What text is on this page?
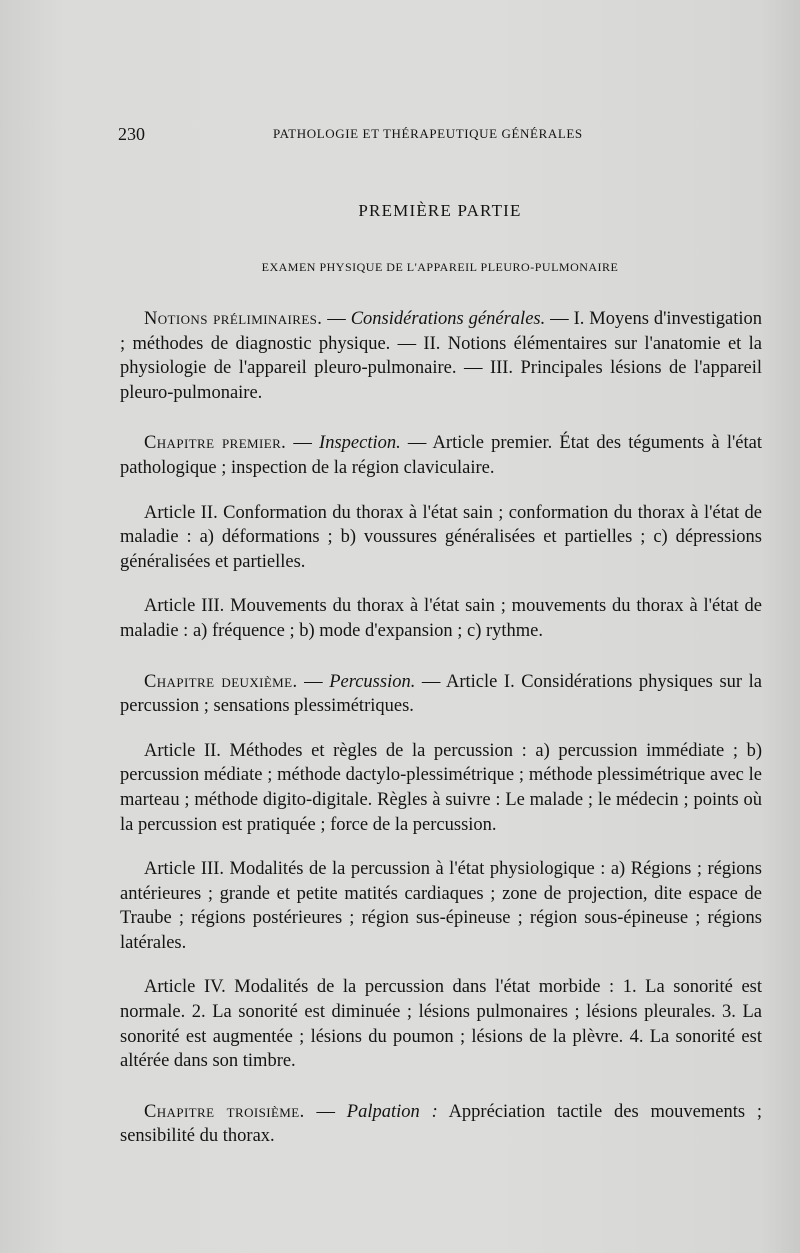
230	PATHOLOGIE ET THÉRAPEUTIQUE GÉNÉRALES
PREMIÈRE PARTIE
EXAMEN PHYSIQUE DE L'APPAREIL PLEURO-PULMONAIRE

Notions préliminaires. — Considérations générales. — I. Moyens d'investigation ; méthodes de diagnostic physique. — II. Notions élémentaires sur l'anatomie et la physiologie de l'appareil pleuro-pulmonaire. — III. Principales lésions de l'appareil pleuro-pulmonaire.

Chapitre premier. — Inspection. — Article premier. État des téguments à l'état pathologique ; inspection de la région claviculaire.

Article II. Conformation du thorax à l'état sain ; conformation du thorax à l'état de maladie : a) déformations ; b) voussures généralisées et partielles ; c) dépressions généralisées et partielles.

Article III. Mouvements du thorax à l'état sain ; mouvements du thorax à l'état de maladie : a) fréquence ; b) mode d'expansion ; c) rythme.

Chapitre deuxième. — Percussion. — Article I. Considérations physiques sur la percussion ; sensations plessimétriques.

Article II. Méthodes et règles de la percussion : a) percussion immédiate ; b) percussion médiate ; méthode dactylo-plessimétrique ; méthode plessimétrique avec le marteau ; méthode digito-digitale. Règles à suivre : Le malade ; le médecin ; points où la percussion est pratiquée ; force de la percussion.

Article III. Modalités de la percussion à l'état physiologique : a) Régions ; régions antérieures ; grande et petite matités cardiaques ; zone de projection, dite espace de Traube ; régions postérieures ; région sus-épineuse ; région sous-épineuse ; régions latérales.

Article IV. Modalités de la percussion dans l'état morbide : 1. La sonorité est normale. 2. La sonorité est diminuée ; lésions pulmonaires ; lésions pleurales. 3. La sonorité est augmentée ; lésions du poumon ; lésions de la plèvre. 4. La sonorité est altérée dans son timbre.

Chapitre troisième. — Palpation : Appréciation tactile des mouvements ; sensibilité du thorax.
